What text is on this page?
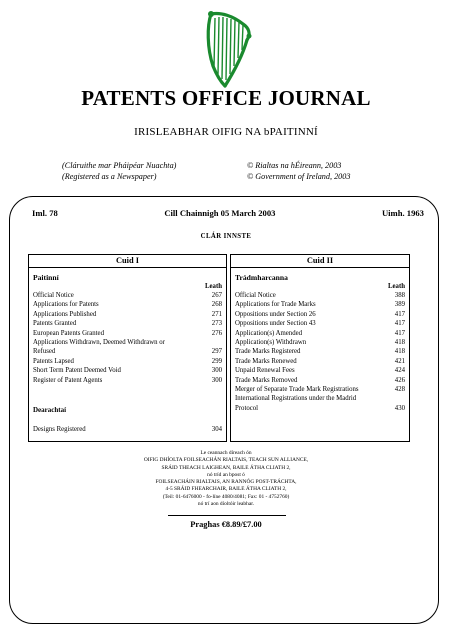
PATENTS OFFICE JOURNAL
IRISLEABHAR OIFIG NA bPAITINNÍ
(Cláruithe mar Pháipéar Nuachta)
(Registered as a Newspaper)
© Rialtas na hÉireann, 2003
© Government of Ireland, 2003
Iml. 78	Cill Chainnigh 05 March 2003	Uimh. 1963
CLÁR INNSTE
Cuid I
Paitinní
Leath
Official Notice	267
Applications for Patents	268
Applications Published	271
Patents Granted	273
European Patents Granted	276
Applications Withdrawn, Deemed Withdrawn or
Refused	297
Patents Lapsed	299
Short Term Patent Deemed Void	300
Register of Patent Agents	300
Dearachtaí
Designs Registered	304
Cuid II
Trádmharcanna
Leath
Official Notice	388
Applications for Trade Marks	389
Oppositions under Section 26	417
Oppositions under Section 43	417
Application(s) Amended	417
Application(s) Withdrawn	418
Trade Marks Registered	418
Trade Marks Renewed	421
Unpaid Renewal Fees	424
Trade Marks Removed	426
Merger of Separate Trade Mark Registrations	428
International Registrations under the Madrid
Protocol	430
Le ceannach díreach ón
OIFIG DHÍOLTA FOILSEACHÁN RIALTAIS, TEACH SUN ALLIANCE,
SRÁID THEACH LAIGHEAN, BAILE ÁTHA CLIATH 2,
nó tríd an bpost ó
FOILSEACHÁIN RIALTAIS, AN RANNÓG POST-TRÁCHTA,
4-5 SRÁID FHEARCHAIR, BAILE ÁTHA CLIATH 2,
(Teil: 01-6476000 - fo-líne 4080/4081; Fax: 01 - 4752760)
nó trí aon díoltóir leabhar.
Praghas €8.89/£7.00
